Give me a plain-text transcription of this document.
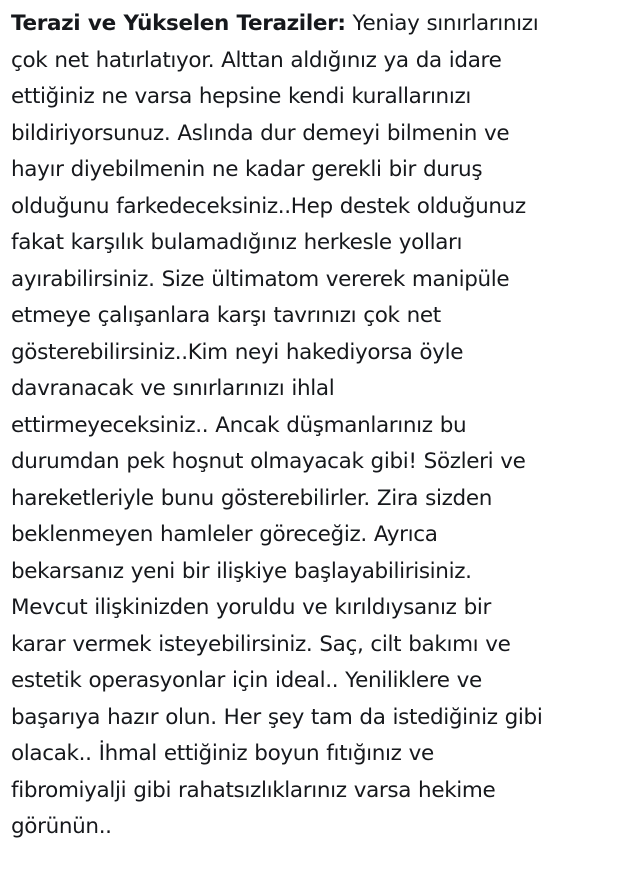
Terazi ve Yükselen Teraziler: Yeniay sınırlarınızı
çok net hatırlatıyor. Alttan aldığınız ya da idare
ettiğiniz ne varsa hepsine kendi kurallarınızı
bildiriyorsunuz. Aslında dur demeyi bilmenin ve
hayır diyebilmenin ne kadar gerekli bir duruş
olduğunu farkedeceksiniz..Hep destek olduğunuz
fakat karşılık bulamadığınız herkesle yolları
ayırabilirsiniz. Size ültimatom vererek manipüle
etmeye çalışanlara karşı tavrınızı çok net
gösterebilirsiniz..Kim neyi hakediyorsa öyle
davranacak ve sınırlarınızı ihlal
ettirmeyeceksiniz.. Ancak düşmanlarınız bu
durumdan pek hoşnut olmayacak gibi! Sözleri ve
hareketleriyle bunu gösterebilirler. Zira sizden
beklenmeyen hamleler göreceğiz. Ayrıca
bekarsanız yeni bir ilişkiye başlayabilirisiniz.
Mevcut ilişkinizden yoruldu ve kırıldıysanız bir
karar vermek isteyebilirsiniz. Saç, cilt bakımı ve
estetik operasyonlar için ideal.. Yeniliklere ve
başarıya hazır olun. Her şey tam da istediğiniz gibi
olacak.. İhmal ettiğiniz boyun fıtığınız ve
fibromiyalji gibi rahatsızlıklarınız varsa hekime
görünün..
